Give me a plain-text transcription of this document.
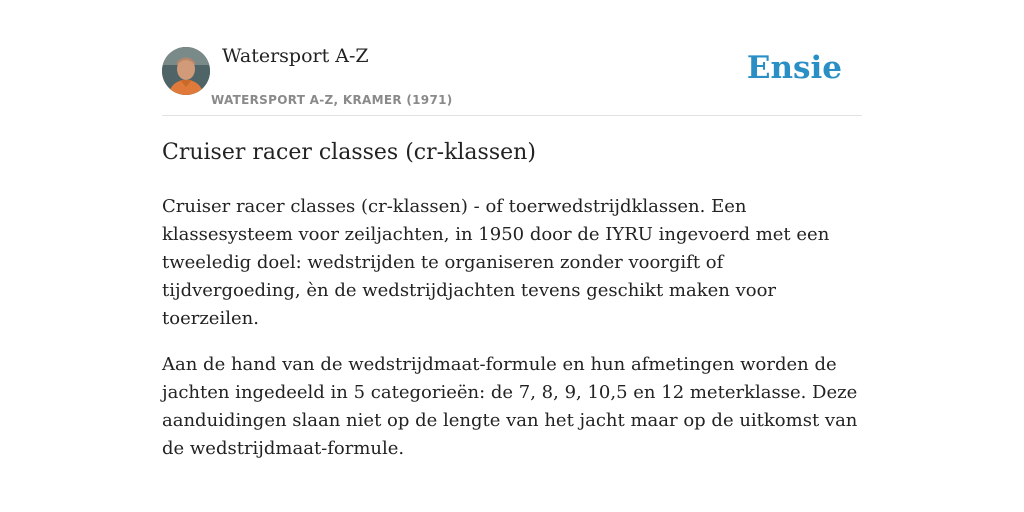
Watersport A-Z
WATERSPORT A-Z, KRAMER (1971)
Ensie
Cruiser racer classes (cr-klassen)

Cruiser racer classes (cr-klassen) - of toerwedstrijdklassen. Een klassesysteem voor zeiljachten, in 1950 door de IYRU ingevoerd met een tweeledig doel: wedstrijden te organiseren zonder voorgift of tijdvergoeding, èn de wedstrijdjachten tevens geschikt maken voor toerzeilen.

Aan de hand van de wedstrijdmaat-formule en hun afmetingen worden de jachten ingedeeld in 5 categorieën: de 7, 8, 9, 10,5 en 12 meterklasse. Deze aanduidingen slaan niet op de lengte van het jacht maar op de uitkomst van de wedstrijdmaat-formule.
